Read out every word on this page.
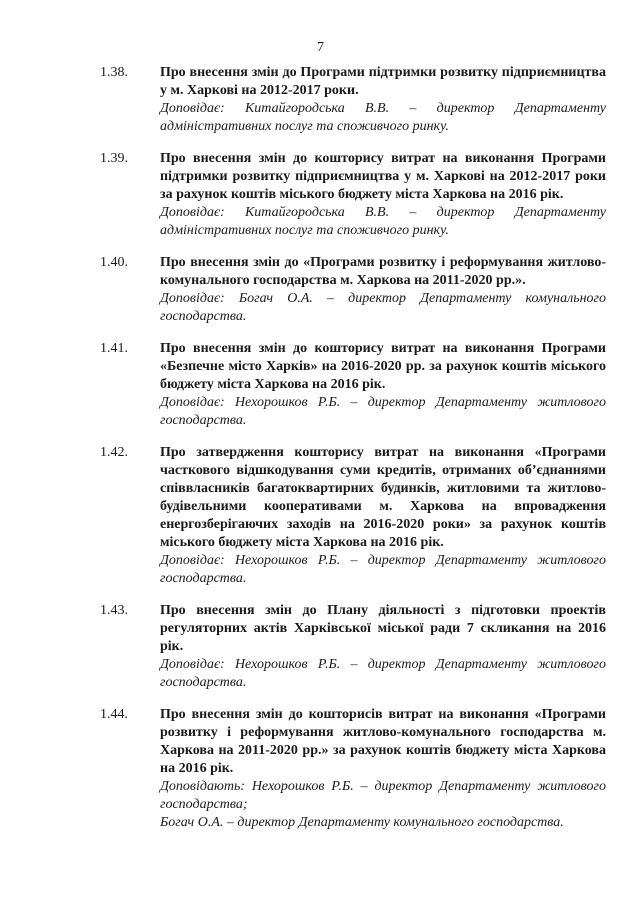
7
1.38. Про внесення змін до Програми підтримки розвитку підприємництва у м. Харкові на 2012-2017 роки.

Доповідає: Китайгородська В.В. – директор Департаменту адміністративних послуг та споживчого ринку.

1.39. Про внесення змін до кошторису витрат на виконання Програми підтримки розвитку підприємництва у м. Харкові на 2012-2017 роки за рахунок коштів міського бюджету міста Харкова на 2016 рік.

Доповідає: Китайгородська В.В. – директор Департаменту адміністративних послуг та споживчого ринку.

1.40. Про внесення змін до «Програми розвитку і реформування житлово-комунального господарства м. Харкова на 2011-2020 рр.».

Доповідає: Богач О.А. – директор Департаменту комунального господарства.

1.41. Про внесення змін до кошторису витрат на виконання Програми «Безпечне місто Харків» на 2016-2020 рр. за рахунок коштів міського бюджету міста Харкова на 2016 рік.

Доповідає: Нехорошков Р.Б. – директор Департаменту житлового господарства.

1.42. Про затвердження кошторису витрат на виконання «Програми часткового відшкодування суми кредитів, отриманих об’єднаннями співвласників багатоквартирних будинків, житловими та житлово-будівельними кооперативами м. Харкова на впровадження енергозберігаючих заходів на 2016-2020 роки» за рахунок коштів міського бюджету міста Харкова на 2016 рік.

Доповідає: Нехорошков Р.Б. – директор Департаменту житлового господарства.

1.43. Про внесення змін до Плану діяльності з підготовки проектів регуляторних актів Харківської міської ради 7 скликання на 2016 рік.

Доповідає: Нехорошков Р.Б. – директор Департаменту житлового господарства.

1.44. Про внесення змін до кошторисів витрат на виконання «Програми розвитку і реформування житлово-комунального господарства м. Харкова на 2011-2020 рр.» за рахунок коштів бюджету міста Харкова на 2016 рік.

Доповідають: Нехорошков Р.Б. – директор Департаменту житлового господарства;

Богач О.А. – директор Департаменту комунального господарства.
